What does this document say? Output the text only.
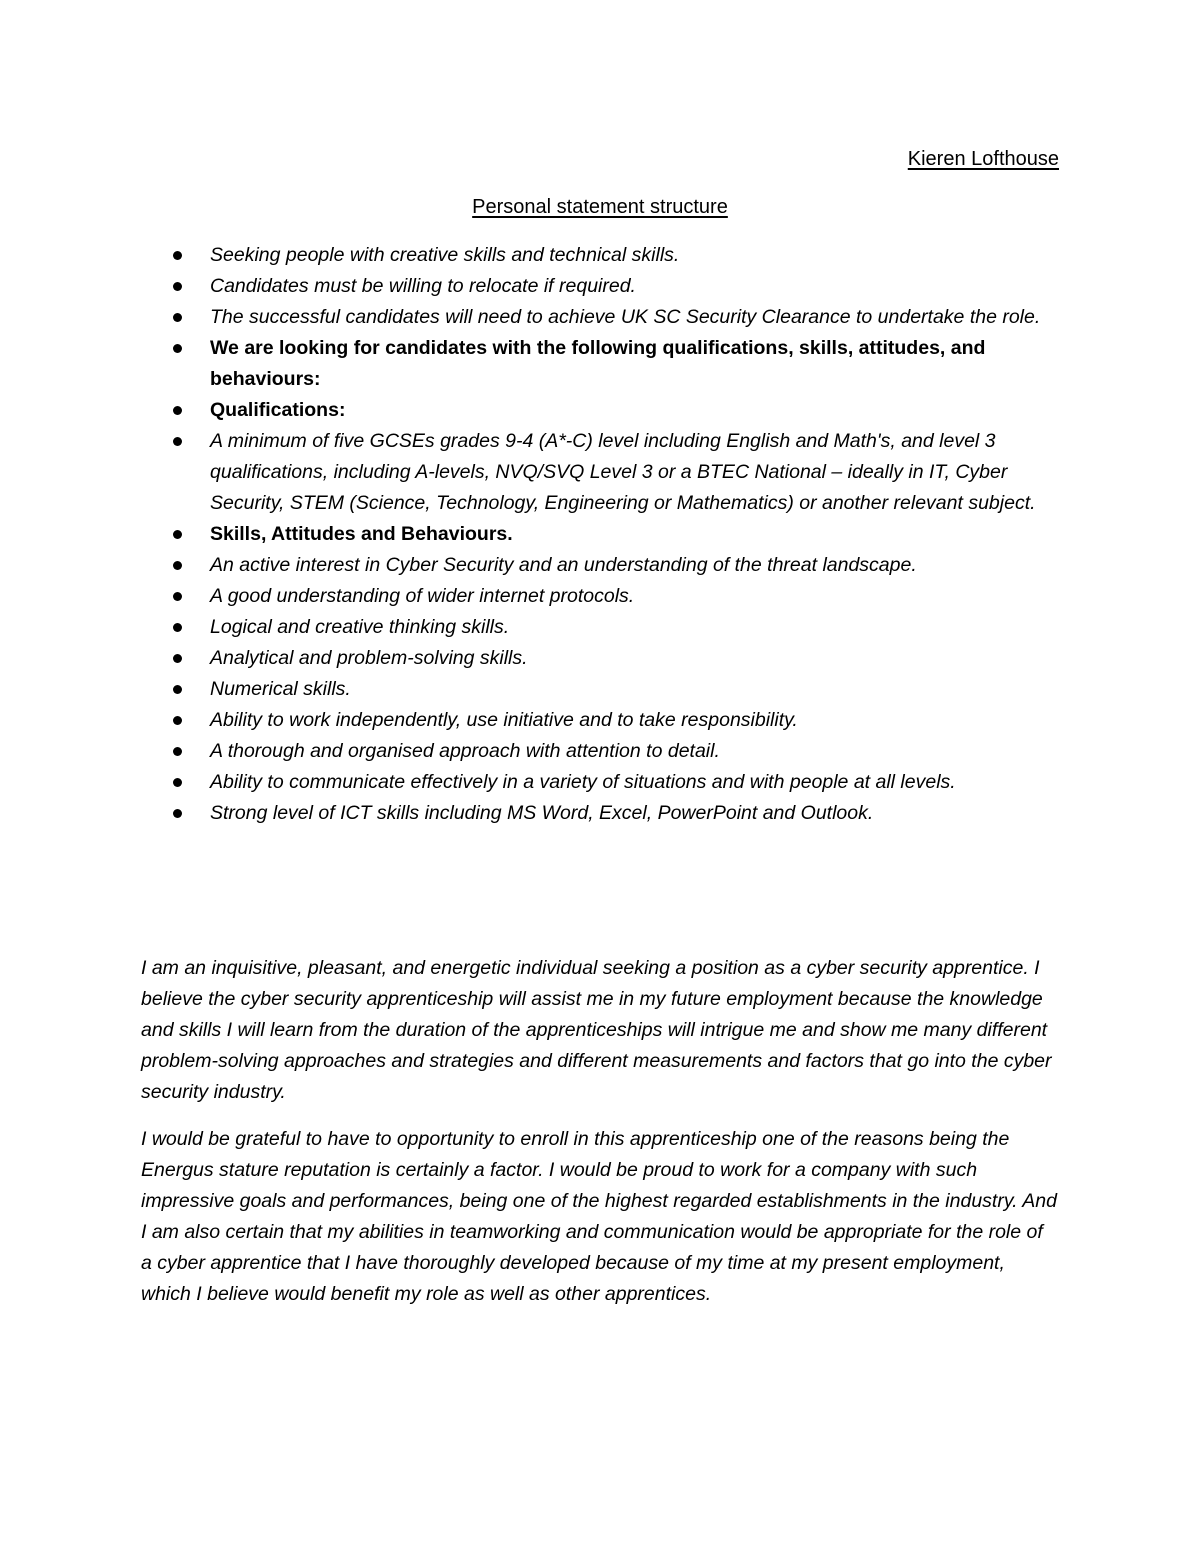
Kieren Lofthouse
Personal statement structure
Seeking people with creative skills and technical skills.
Candidates must be willing to relocate if required.
The successful candidates will need to achieve UK SC Security Clearance to undertake the role.
We are looking for candidates with the following qualifications, skills, attitudes, and behaviours:
Qualifications:
A minimum of five GCSEs grades 9-4 (A*-C) level including English and Math's, and level 3 qualifications, including A-levels, NVQ/SVQ Level 3 or a BTEC National – ideally in IT, Cyber Security, STEM (Science, Technology, Engineering or Mathematics) or another relevant subject.
Skills, Attitudes and Behaviours.
An active interest in Cyber Security and an understanding of the threat landscape.
A good understanding of wider internet protocols.
Logical and creative thinking skills.
Analytical and problem-solving skills.
Numerical skills.
Ability to work independently, use initiative and to take responsibility.
A thorough and organised approach with attention to detail.
Ability to communicate effectively in a variety of situations and with people at all levels.
Strong level of ICT skills including MS Word, Excel, PowerPoint and Outlook.

I am an inquisitive, pleasant, and energetic individual seeking a position as a cyber security apprentice. I believe the cyber security apprenticeship will assist me in my future employment because the knowledge and skills I will learn from the duration of the apprenticeships will intrigue me and show me many different problem-solving approaches and strategies and different measurements and factors that go into the cyber security industry.

I would be grateful to have to opportunity to enroll in this apprenticeship one of the reasons being the Energus stature reputation is certainly a factor. I would be proud to work for a company with such impressive goals and performances, being one of the highest regarded establishments in the industry. And I am also certain that my abilities in teamworking and communication would be appropriate for the role of a cyber apprentice that I have thoroughly developed because of my time at my present employment, which I believe would benefit my role as well as other apprentices.
